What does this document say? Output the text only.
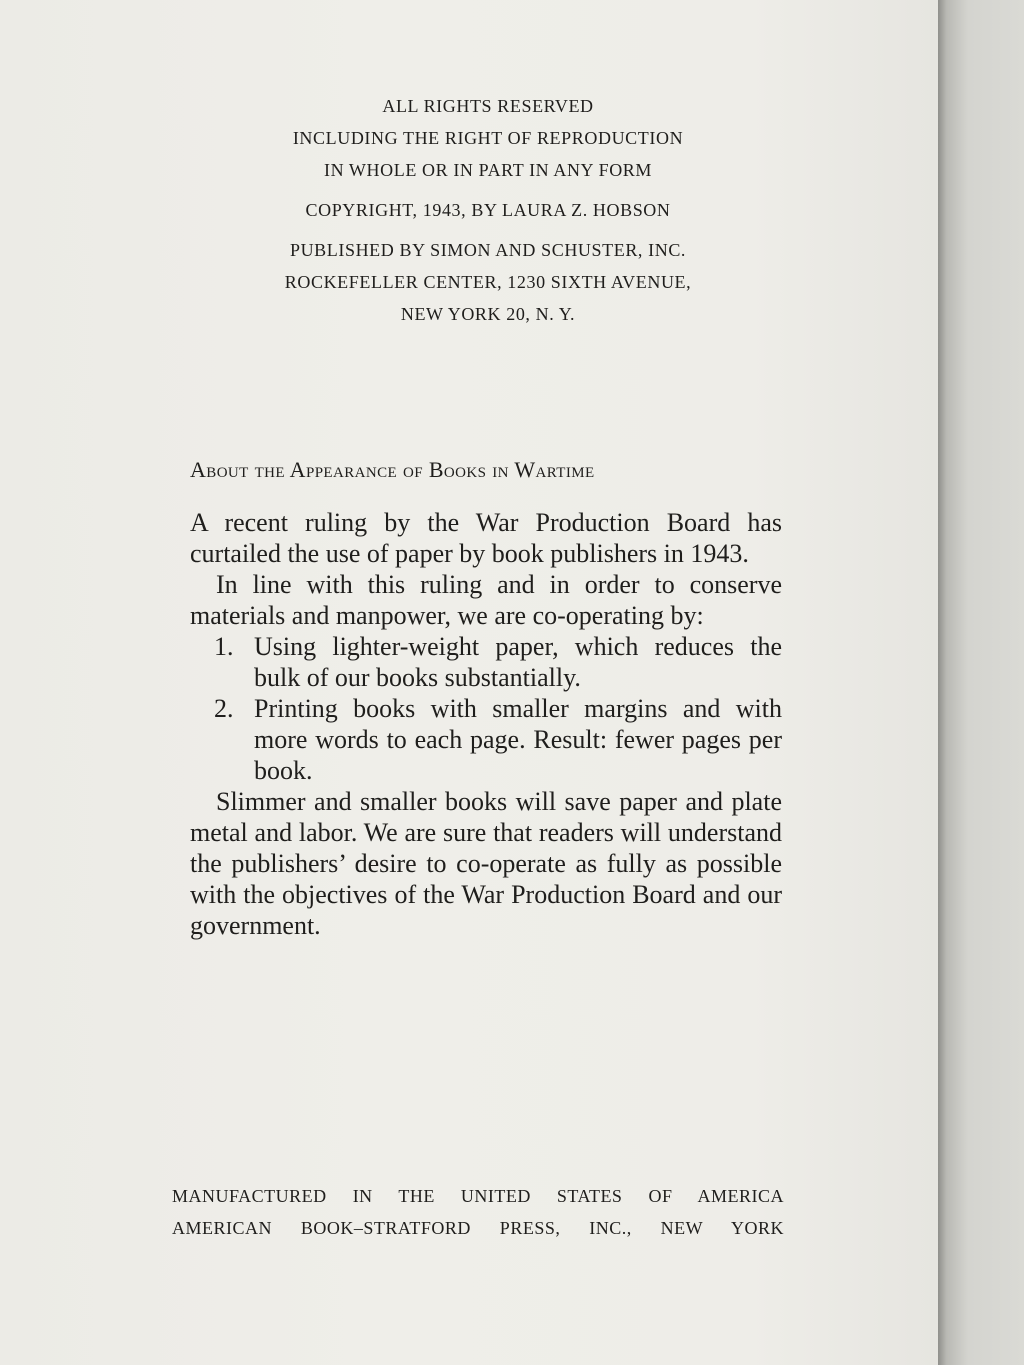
ALL RIGHTS RESERVED
INCLUDING THE RIGHT OF REPRODUCTION
IN WHOLE OR IN PART IN ANY FORM
COPYRIGHT, 1943, BY LAURA Z. HOBSON
PUBLISHED BY SIMON AND SCHUSTER, INC.
ROCKEFELLER CENTER, 1230 SIXTH AVENUE,
NEW YORK 20, N. Y.
About the Appearance of Books in Wartime

A recent ruling by the War Production Board has curtailed the use of paper by book publishers in 1943.

In line with this ruling and in order to conserve materials and manpower, we are co-operating by:

1. Using lighter-weight paper, which reduces the bulk of our books substantially.
2. Printing books with smaller margins and with more words to each page. Result: fewer pages per book.

Slimmer and smaller books will save paper and plate metal and labor. We are sure that readers will understand the publishers’ desire to co-operate as fully as possible with the objectives of the War Production Board and our government.

MANUFACTURED IN THE UNITED STATES OF AMERICA
AMERICAN BOOK–STRATFORD PRESS, INC., NEW YORK
